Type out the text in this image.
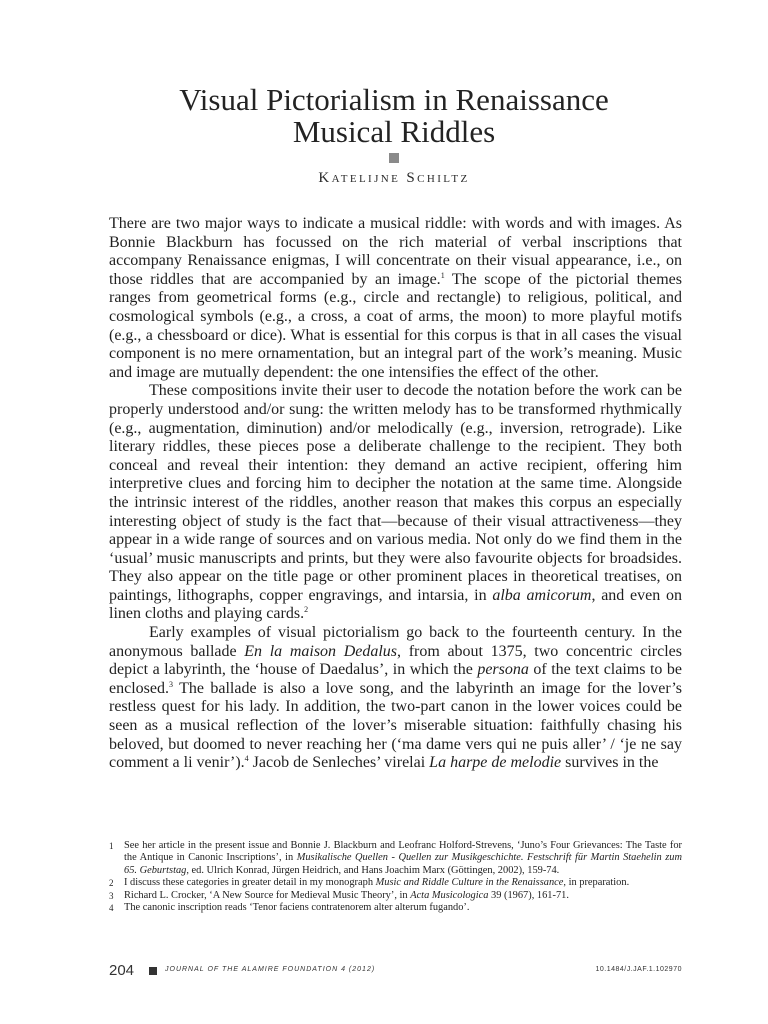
Visual Pictorialism in Renaissance
Musical Riddles
Katelijne Schiltz

There are two major ways to indicate a musical riddle: with words and with images. As Bonnie Blackburn has focussed on the rich material of verbal inscriptions that accompany Renaissance enigmas, I will concentrate on their visual appearance, i.e., on those riddles that are accompanied by an image.$^1$ The scope of the pictorial themes ranges from geometrical forms (e.g., circle and rectangle) to religious, political, and cosmological symbols (e.g., a cross, a coat of arms, the moon) to more playful motifs (e.g., a chessboard or dice). What is essential for this corpus is that in all cases the visual component is no mere ornamentation, but an integral part of the work’s meaning. Music and image are mutually dependent: the one intensifies the effect of the other.

These compositions invite their user to decode the notation before the work can be properly understood and/or sung: the written melody has to be transformed rhythmically (e.g., augmentation, diminution) and/or melodically (e.g., inversion, retrograde). Like literary riddles, these pieces pose a deliberate challenge to the recipient. They both conceal and reveal their intention: they demand an active recipient, offering him interpretive clues and forcing him to decipher the notation at the same time. Alongside the intrinsic interest of the riddles, another reason that makes this corpus an especially interesting object of study is the fact that—because of their visual attractiveness—they appear in a wide range of sources and on various media. Not only do we find them in the ‘usual’ music manuscripts and prints, but they were also favourite objects for broadsides. They also appear on the title page or other prominent places in theoretical treatises, on paintings, lithographs, copper engravings, and intarsia, in alba amicorum, and even on linen cloths and playing cards.$^2$

Early examples of visual pictorialism go back to the fourteenth century. In the anonymous ballade En la maison Dedalus, from about 1375, two concentric circles depict a labyrinth, the ‘house of Daedalus’, in which the persona of the text claims to be enclosed.$^3$ The ballade is also a love song, and the labyrinth an image for the lover’s restless quest for his lady. In addition, the two-part canon in the lower voices could be seen as a musical reflection of the lover’s miserable situation: faithfully chasing his beloved, but doomed to never reaching her (‘ma dame vers qui ne puis aller’ / ‘je ne say comment a li venir’).$^4$ Jacob de Senleches’ virelai La harpe de melodie survives in the

1 See her article in the present issue and Bonnie J. Blackburn and Leofranc Holford-Strevens, ‘Juno’s Four Grievances: The Taste for the Antique in Canonic Inscriptions’, in Musikalische Quellen - Quellen zur Musikgeschichte. Festschrift für Martin Staehelin zum 65. Geburtstag, ed. Ulrich Konrad, Jürgen Heidrich, and Hans Joachim Marx (Göttingen, 2002), 159-74.

2 I discuss these categories in greater detail in my monograph Music and Riddle Culture in the Renaissance, in preparation.

3 Richard L. Crocker, ‘A New Source for Medieval Music Theory’, in Acta Musicologica 39 (1967), 161-71.

4 The canonic inscription reads ‘Tenor faciens contratenorem alter alterum fugando’.

204	JOURNAL OF THE ALAMIRE FOUNDATION 4 (2012)	10.1484/J.JAF.1.102970
